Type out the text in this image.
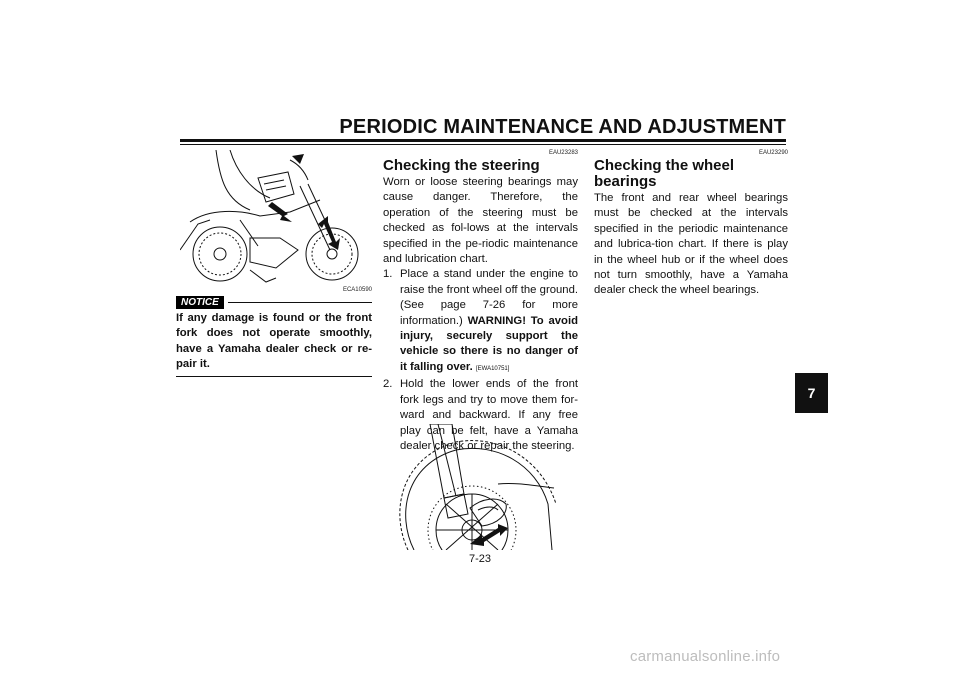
PERIODIC MAINTENANCE AND ADJUSTMENT
ECA10590
NOTICE
If any damage is found or the front fork does not operate smoothly, have a Yamaha dealer check or re-pair it.
EAU23283
Checking the steering

Worn or loose steering bearings may cause danger. Therefore, the operation of the steering must be checked as fol-lows at the intervals specified in the pe-riodic maintenance and lubrication chart.

1. Place a stand under the engine to raise the front wheel off the ground. (See page 7-26 for more information.) WARNING! To avoid injury, securely support the vehicle so there is no danger of it falling over. [EWA10751]
2. Hold the lower ends of the front fork legs and try to move them for-ward and backward. If any free play can be felt, have a Yamaha dealer check or repair the steering.
EAU23290
Checking the wheel bearings

The front and rear wheel bearings must be checked at the intervals specified in the periodic maintenance and lubrica-tion chart. If there is play in the wheel hub or if the wheel does not turn smoothly, have a Yamaha dealer check the wheel bearings.

7
7-23
carmanualsonline.info
